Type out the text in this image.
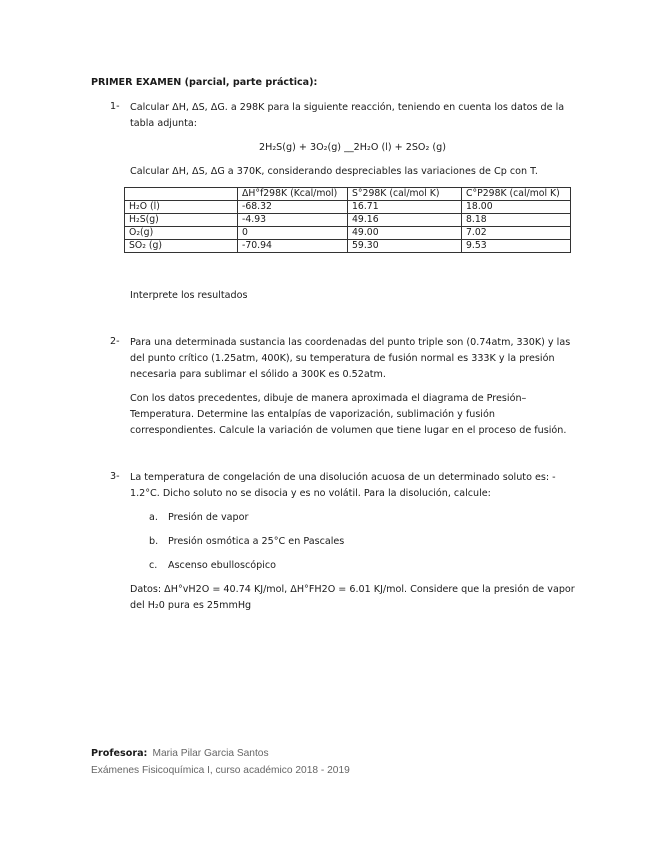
PRIMER EXAMEN (parcial, parte práctica):
1- Calcular ΔH, ΔS, ΔG. a 298K para la siguiente reacción, teniendo en cuenta los datos de la
tabla adjunta:
2H₂S(g) + 3O₂(g) __2H₂O (l) + 2SO₂ (g)
Calcular ΔH, ΔS, ΔG a 370K, considerando despreciables las variaciones de Cp con T.
	ΔH°f298K (Kcal/mol)	S°298K (cal/mol K)	C°P298K (cal/mol K)
H₂O (l)	-68.32	16.71	18.00
H₂S(g)	-4.93	49.16	8.18
O₂(g)	0	49.00	7.02
SO₂ (g)	-70.94	59.30	9.53
Interprete los resultados
2- Para una determinada sustancia las coordenadas del punto triple son (0.74atm, 330K) y las
del punto crítico (1.25atm, 400K), su temperatura de fusión normal es 333K y la presión
necesaria para sublimar el sólido a 300K es 0.52atm.
Con los datos precedentes, dibuje de manera aproximada el diagrama de Presión–
Temperatura. Determine las entalpías de vaporización, sublimación y fusión
correspondientes. Calcule la variación de volumen que tiene lugar en el proceso de fusión.
3- La temperatura de congelación de una disolución acuosa de un determinado soluto es: -
1.2°C. Dicho soluto no se disocia y es no volátil. Para la disolución, calcule:
a. Presión de vapor
b. Presión osmótica a 25°C en Pascales
c. Ascenso ebulloscópico
Datos: ΔH°vH2O = 40.74 KJ/mol, ΔH°FH2O = 6.01 KJ/mol. Considere que la presión de vapor
del H₂0 pura es 25mmHg
Profesora: Maria Pilar Garcia Santos
Exámenes Fisicoquímica I, curso académico 2018 - 2019
